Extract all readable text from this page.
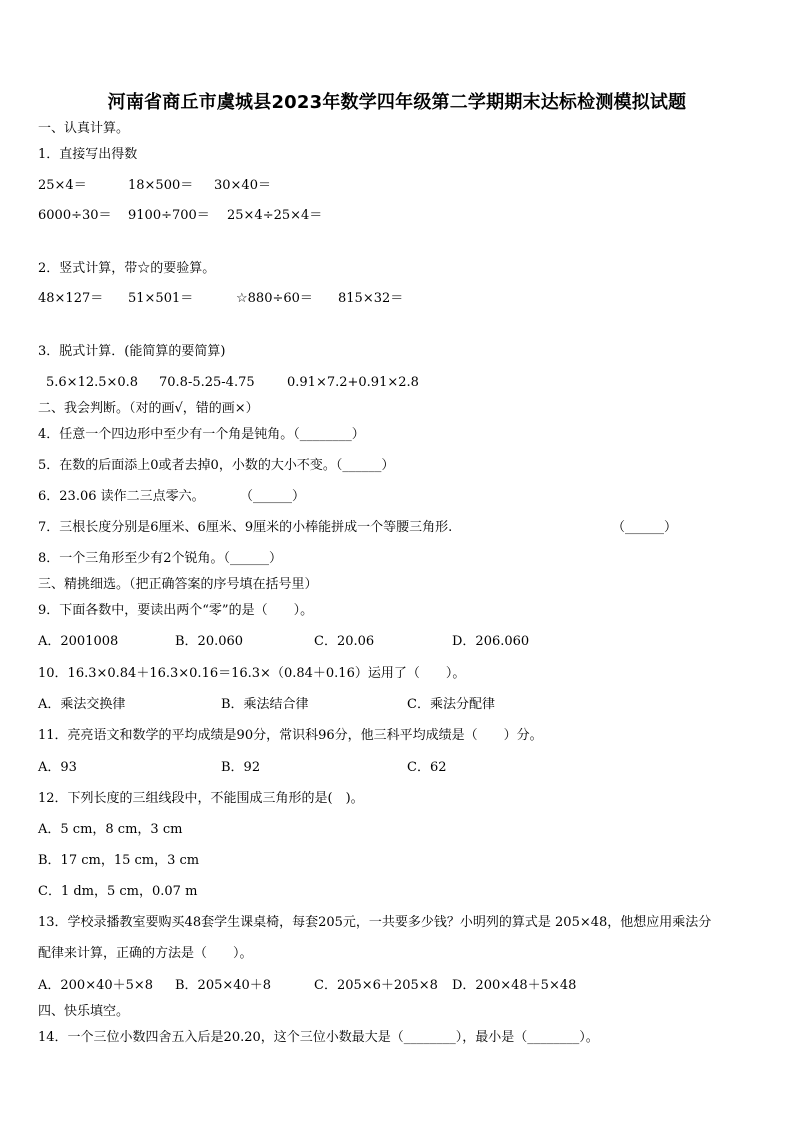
河南省商丘市虞城县2023年数学四年级第二学期期末达标检测模拟试题
一、认真计算。
1．直接写出得数
25×4＝	18×500＝ 30×40＝
6000÷30＝ 9100÷700＝ 25×4÷25×4＝
2．竖式计算，带☆的要验算。
48×127＝ 51×501＝	☆880÷60＝ 815×32＝
3．脱式计算．(能简算的要简算)
5.6×12.5×0.8 70.8-5.25-4.75 0.91×7.2+0.91×2.8
二、我会判断。（对的画√，错的画×）
4．任意一个四边形中至少有一个角是钝角。（________）
5．在数的后面添上0或者去掉0，小数的大小不变。（______）
6．23.06 读作二三点零六。	（______）
7．三根长度分别是6厘米、6厘米、9厘米的小棒能拼成一个等腰三角形.	（______）
8．一个三角形至少有2个锐角。（______）
三、精挑细选。（把正确答案的序号填在括号里）
9．下面各数中，要读出两个“零”的是（　　）。
A．2001008	B．20.060	C．20.06	D．206.060
10．16.3×0.84＋16.3×0.16＝16.3×（0.84＋0.16）运用了（　　）。
A．乘法交换律	B．乘法结合律	C．乘法分配律
11．亮亮语文和数学的平均成绩是90分，常识科96分，他三科平均成绩是（　　）分。
A．93	B．92	C．62
12．下列长度的三组线段中，不能围成三角形的是(　)。
A．5 cm，8 cm，3 cm
B．17 cm，15 cm，3 cm
C．1 dm，5 cm，0.07 m
13．学校录播教室要购买48套学生课桌椅，每套205元，一共要多少钱？小明列的算式是 205×48，他想应用乘法分
配律来计算，正确的方法是（　　）。
A．200×40＋5×8 B．205×40＋8	C．205×6＋205×8 D．200×48＋5×48
四、快乐填空。
14．一个三位小数四舍五入后是20.20，这个三位小数最大是（________），最小是（________）。
